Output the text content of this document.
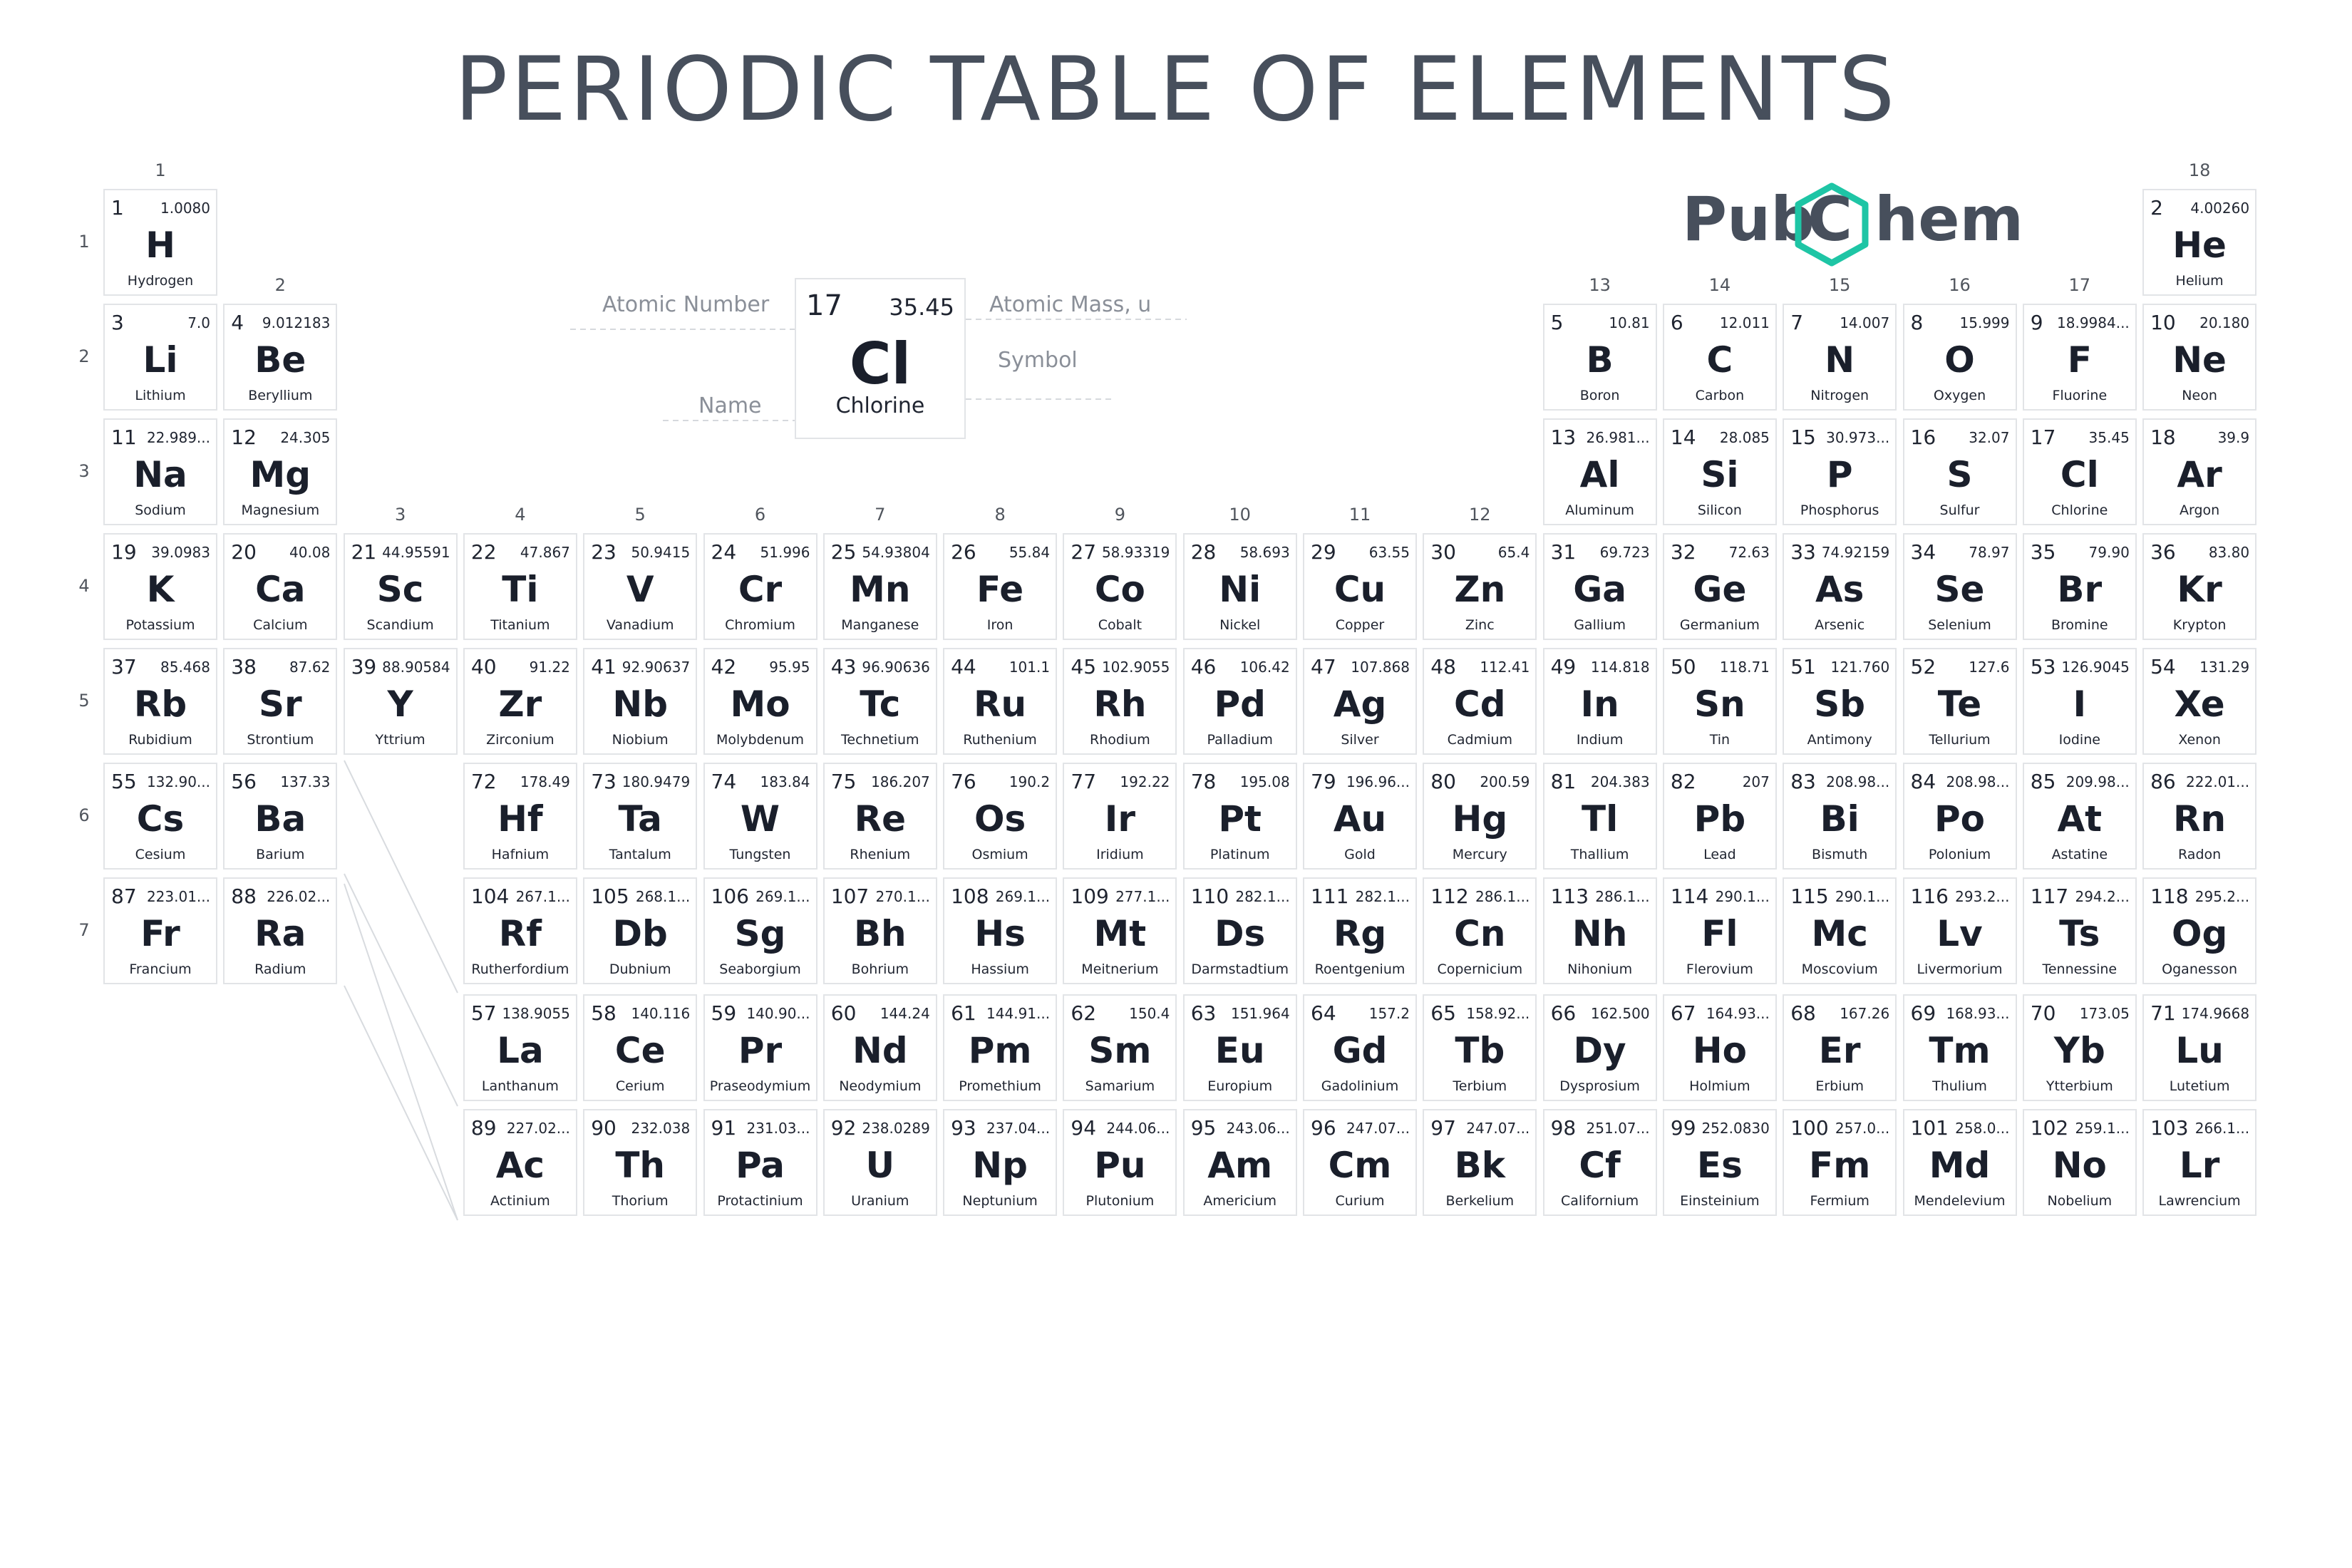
PERIODIC TABLE OF ELEMENTS
Pub
C hem
17 35.45
Cl
Chlorine
Atomic Number	Atomic Mass, u
Symbol
Name
1	1.0080
H
Hydrogen
2 4.00260
He
Helium
3	7.0
Li
Lithium
4 9.012183
Be
Beryllium
5	10.81
B
Boron
6	12.011
C
Carbon
7	14.007
N
Nitrogen
8	15.999
O
Oxygen
9 18.9984...
F
Fluorine
10 20.180
Ne
Neon
11 22.989...
Na
Sodium
12 24.305
Mg
Magnesium
13 26.981...
Al
Aluminum
14 28.085
Si
Silicon
15 30.973...
P
Phosphorus
16 32.07
S
Sulfur
17 35.45
Cl
Chlorine
18	39.9
Ar
Argon
19 39.0983
K
Potassium
20 40.08
Ca
Calcium
21 44.95591
Sc
Scandium
22 47.867
Ti
Titanium
23 50.9415
V
Vanadium
24 51.996
Cr
Chromium
25 54.93804
Mn
Manganese
26 55.84
Fe
Iron
27 58.93319
Co
Cobalt
28 58.693
Ni
Nickel
29 63.55
Cu
Copper
30	65.4
Zn
Zinc
31 69.723
Ga
Gallium
32 72.63
Ge
Germanium
33 74.92159
As
Arsenic
34 78.97
Se
Selenium
35 79.90
Br
Bromine
36 83.80
Kr
Krypton
37 85.468
Rb
Rubidium
38 87.62
Sr
Strontium
39 88.90584
Y
Yttrium
40 91.22
Zr
Zirconium
41 92.90637
Nb
Niobium
42 95.95
Mo
Molybdenum
43 96.90636
Tc
Technetium
44 101.1
Ru
Ruthenium
45 102.9055
Rh
Rhodium
46 106.42
Pd
Palladium
47 107.868
Ag
Silver
48 112.41
Cd
Cadmium
49 114.818
In
Indium
50 118.71
Sn
Tin
51 121.760
Sb
Antimony
52 127.6
Te
Tellurium
53 126.9045
I
Iodine
54 131.29
Xe
Xenon
55 132.90...
Cs
Cesium
56 137.33
Ba
Barium
72 178.49
Hf
Hafnium
73 180.9479
Ta
Tantalum
74 183.84
W
Tungsten
75 186.207
Re
Rhenium
76 190.2
Os
Osmium
77 192.22
Ir
Iridium
78 195.08
Pt
Platinum
79 196.96...
Au
Gold
80 200.59
Hg
Mercury
81 204.383
Tl
Thallium
82	207
Pb
Lead
83 208.98...
Bi
Bismuth
84 208.98...
Po
Polonium
85 209.98...
At
Astatine
86 222.01...
Rn
Radon
87 223.01...
Fr
Francium
88 226.02...
Ra
Radium
104 267.1...
Rf
Rutherfordium
105 268.1...
Db
Dubnium
106 269.1...
Sg
Seaborgium
107 270.1...
Bh
Bohrium
108 269.1...
Hs
Hassium
109 277.1...
Mt
Meitnerium
110 282.1...
Ds
Darmstadtium
111 282.1...
Rg
Roentgenium
112 286.1...
Cn
Copernicium
113 286.1...
Nh
Nihonium
114 290.1...
Fl
Flerovium
115 290.1...
Mc
Moscovium
116 293.2...
Lv
Livermorium
117 294.2...
Ts
Tennessine
118 295.2...
Og
Oganesson
57 138.9055
La
Lanthanum
58 140.116
Ce
Cerium
59 140.90...
Pr
Praseodymium
60 144.24
Nd
Neodymium
61 144.91...
Pm
Promethium
62 150.4
Sm
Samarium
63 151.964
Eu
Europium
64 157.2
Gd
Gadolinium
65 158.92...
Tb
Terbium
66 162.500
Dy
Dysprosium
67 164.93...
Ho
Holmium
68 167.26
Er
Erbium
69 168.93...
Tm
Thulium
70 173.05
Yb
Ytterbium
71 174.9668
Lu
Lutetium
89 227.02...
Ac
Actinium
90 232.038
Th
Thorium
91 231.03...
Pa
Protactinium
92 238.0289
U
Uranium
93 237.04...
Np
Neptunium
94 244.06...
Pu
Plutonium
95 243.06...
Am
Americium
96 247.07...
Cm
Curium
97 247.07...
Bk
Berkelium
98 251.07...
Cf
Californium
99 252.0830
Es
Einsteinium
100 257.0...
Fm
Fermium
101 258.0...
Md
Mendelevium
102 259.1...
No
Nobelium
103 266.1...
Lr
Lawrencium
1
2
3	4	5	6	7	8	9	10	11	12
13	14	15	16	17
18
1
2
3
4
5
6
7
